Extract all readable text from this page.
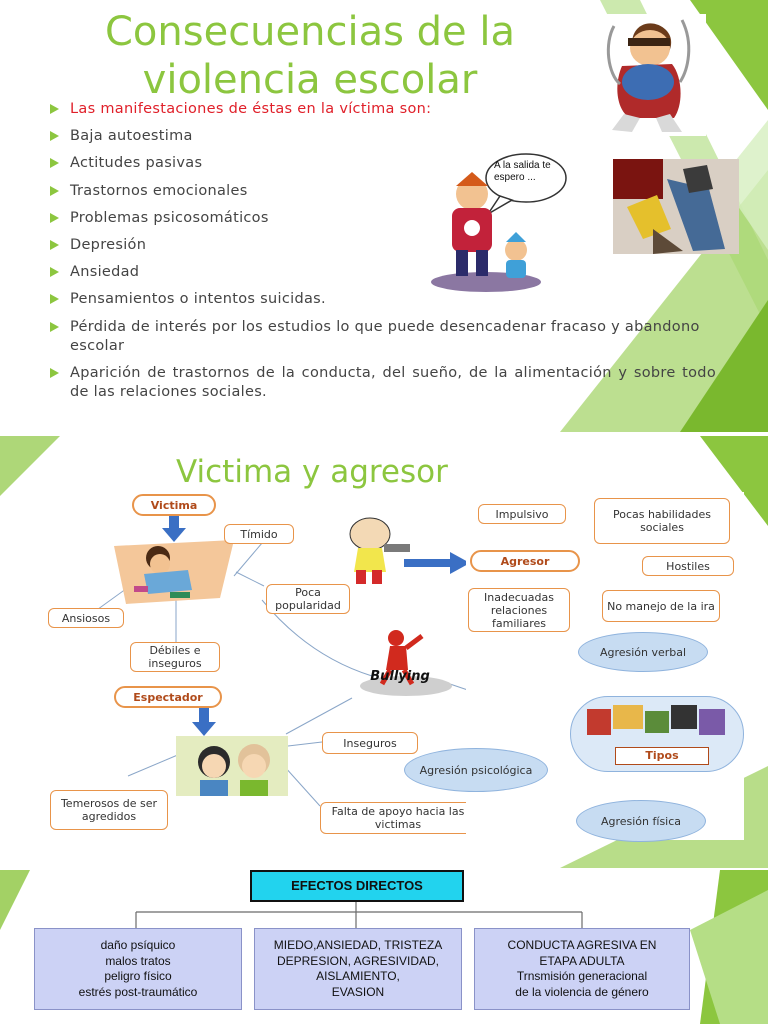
Consecuencias de la violencia escolar
A la salida te espero ...
Las manifestaciones de éstas en la víctima son:
Baja autoestima
Actitudes pasivas
Trastornos emocionales
Problemas psicosomáticos
Depresión
Ansiedad
Pensamientos o intentos suicidas.
Pérdida de interés por los estudios lo que puede desencadenar fracaso y abandono escolar
Aparición de trastornos de la conducta, del sueño, de la alimentación y sobre todo de las relaciones sociales.
Victima y agresor
Victima
Tímido
Poca popularidad
Ansiosos
Débiles e inseguros
Espectador
Inseguros
Temerosos de ser agredidos	Falta de apoyo hacia las victimas
Bullying
Agresor
Impulsivo	Pocas habilidades sociales
Hostiles
Inadecuadas relaciones familiares
No manejo de la ira
Agresión verbal
Agresión psicológica
Agresión física
Tipos
EFECTOS DIRECTOS
daño psíquico
malos tratos
peligro físico
estrés post-traumático
MIEDO,ANSIEDAD, TRISTEZA
DEPRESION, AGRESIVIDAD,
AISLAMIENTO,
EVASION
CONDUCTA AGRESIVA EN
ETAPA ADULTA
Trnsmisión generacional
de la violencia de género
